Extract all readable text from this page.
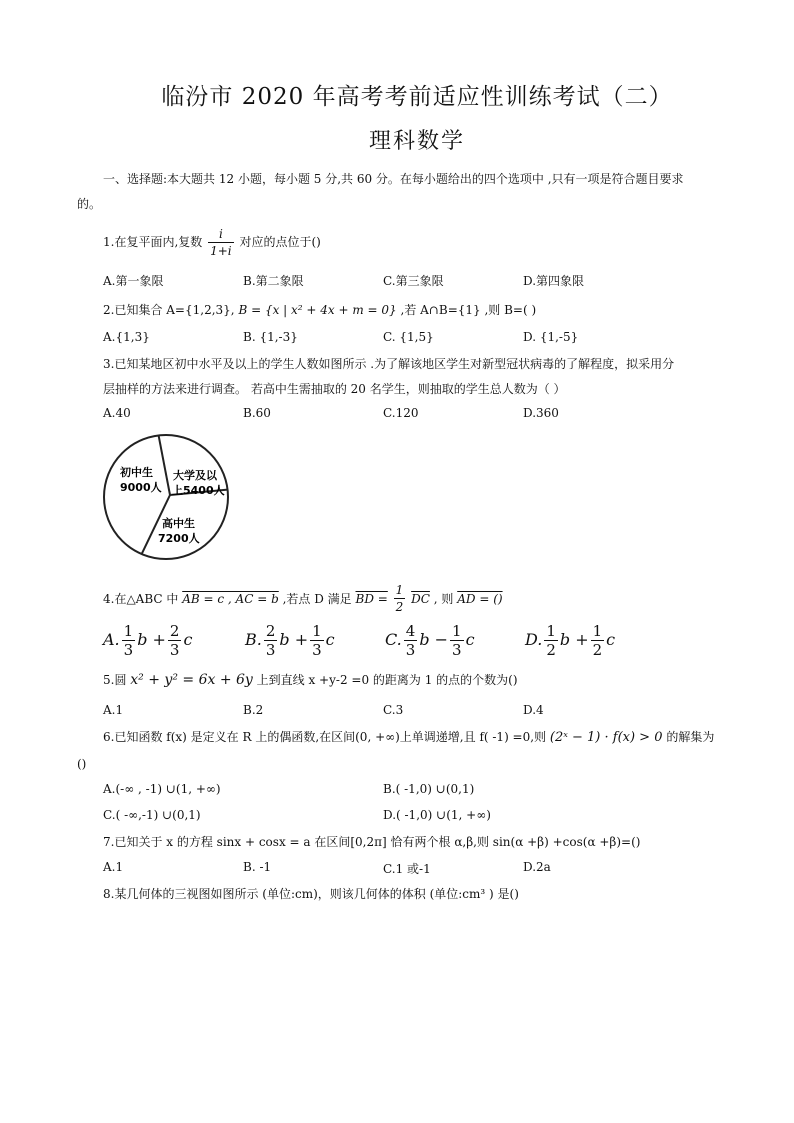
临汾市 2020 年高考考前适应性训练考试（二）
理科数学
一、选择题:本大题共 12 小题，每小题 5 分,共 60 分。在每小题给出的四个选项中 ,只有一项是符合题目要求
的。
1.在复平面内,复数 $\frac{i}{1+i}$ 对应的点位于()
A.第一象限	B.第二象限	C.第三象限	D.第四象限
2.已知集合 A={1,2,3}, B = {x | x² + 4x + m = 0} ,若 A∩B={1} ,则 B=( )
A.{1,3}	B. {1,-3}	C. {1,5}	D. {1,-5}
3.已知某地区初中水平及以上的学生人数如图所示 .为了解该地区学生对新型冠状病毒的了解程度，拟采用分
层抽样的方法来进行调查。 若高中生需抽取的 20 名学生，则抽取的学生总人数为（ ）
A.40	B.60	C.120	D.360
初中生
9000人
大学及以
上5400人
高中生
7200人
4.在△ABC 中 AB = c , AC = b ,若点 D 满足 BD = $\frac{1}{2} \overline{DC}$ , 则 AD = ()
A. $\frac{1}{3}$ $b + \frac{2}{3}$ c	B. $\frac{2}{3}$ $b + \frac{1}{3}$ c	C. $\frac{4}{3}$ $b - \frac{1}{3}$ c	D. $\frac{1}{2}$ $b + \frac{1}{2}$ c
5.圆 x² + y² = 6x + 6y 上到直线 x +y-2 =0 的距离为 1 的点的个数为()
A.1	B.2	C.3	D.4
6.已知函数 f(x) 是定义在 R 上的偶函数,在区间(0, +∞)上单调递增,且 f( -1) =0,则 (2ˣ − 1) · f(x) > 0 的解集为
()
A.(-∞ , -1) ∪(1, +∞)	B.( -1,0) ∪(0,1)
C.( -∞,-1) ∪(0,1)	D.( -1,0) ∪(1, +∞)
7.已知关于 x 的方程 sinx + cosx = a 在区间[0,2π] 恰有两个根 α,β,则 sin(α +β) +cos(α +β)=()
A.1	B. -1	C.1 或-1	D.2a
8.某几何体的三视图如图所示 (单位:cm)，则该几何体的体积 (单位:cm³ ) 是()
